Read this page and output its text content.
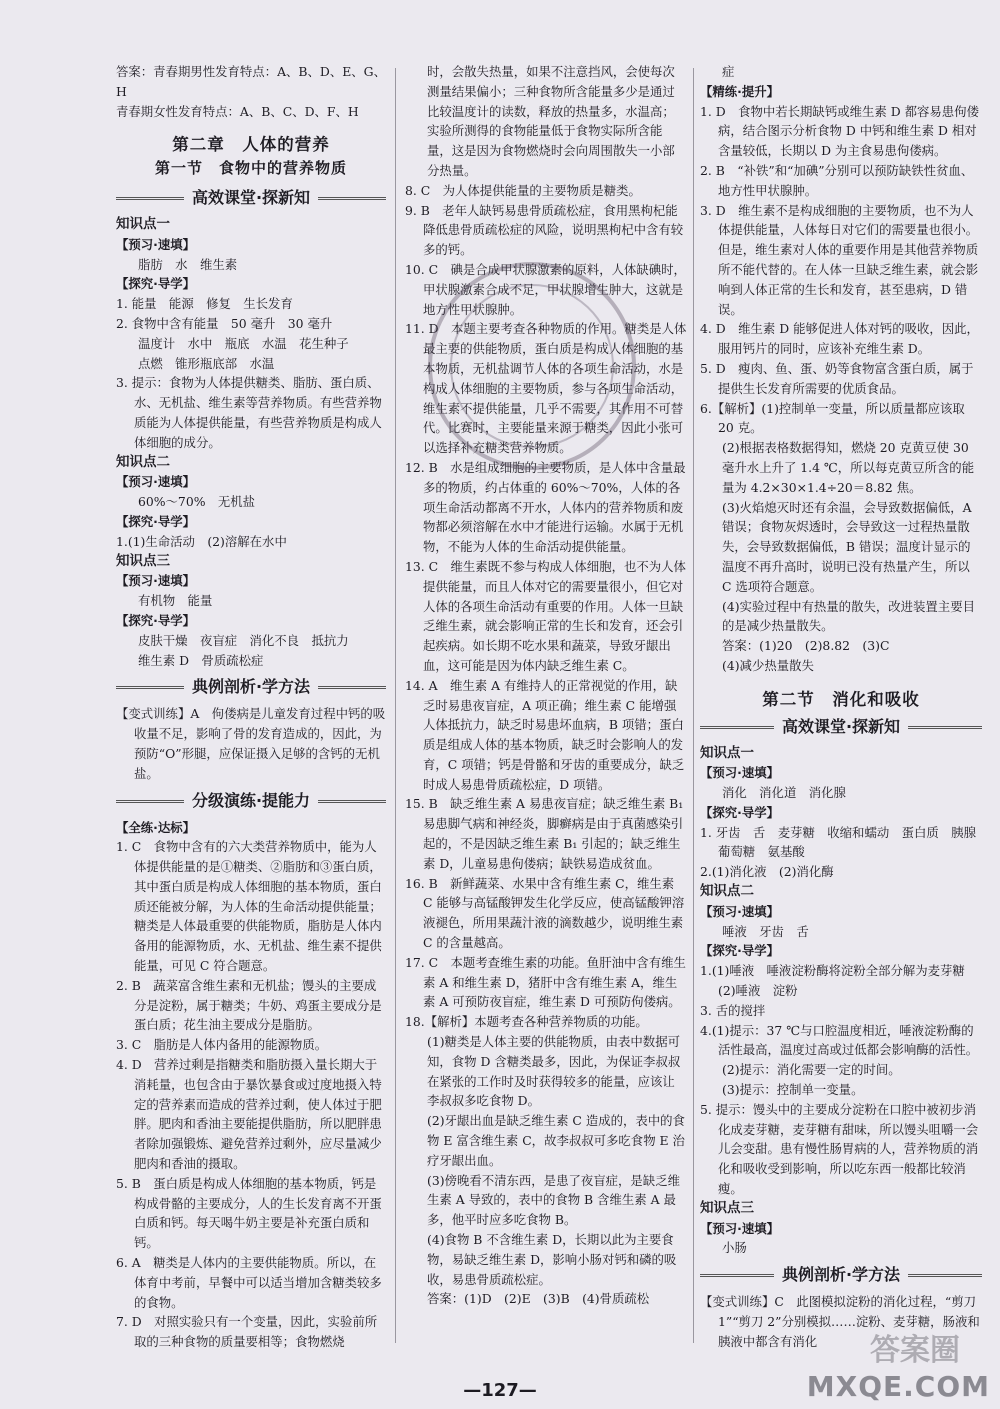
答案：青春期男性发育特点：A、B、D、E、G、H
青春期女性发育特点：A、B、C、D、F、H
第二章　人体的营养
第一节　食物中的营养物质
高效课堂·探新知
知识点一
【预习·速填】
脂肪　水　维生素
【探究·导学】
1. 能量　能源　修复　生长发育
2. 食物中含有能量　50 毫升　30 毫升
温度计　水中　瓶底　水温　花生种子
点燃　锥形瓶底部　水温
3. 提示：食物为人体提供糖类、脂肪、蛋白质、水、无机盐、维生素等营养物质。有些营养物质能为人体提供能量，有些营养物质是构成人体细胞的成分。
知识点二
【预习·速填】
60%～70%　无机盐
【探究·导学】
1.(1)生命活动　(2)溶解在水中
知识点三
【预习·速填】
有机物　能量
【探究·导学】
皮肤干燥　夜盲症　消化不良　抵抗力
维生素 D　骨质疏松症
典例剖析·学方法
【变式训练】A　佝偻病是儿童发育过程中钙的吸收量不足，影响了骨的发育造成的，因此，为预防“O”形腿，应保证摄入足够的含钙的无机盐。
分级演练·提能力
【全练·达标】
1. C　食物中含有的六大类营养物质中，能为人体提供能量的是①糖类、②脂肪和③蛋白质，其中蛋白质是构成人体细胞的基本物质，蛋白质还能被分解，为人体的生命活动提供能量；糖类是人体最重要的供能物质，脂肪是人体内备用的能源物质，水、无机盐、维生素不提供能量，可见 C 符合题意。
2. B　蔬菜富含维生素和无机盐；馒头的主要成分是淀粉，属于糖类；牛奶、鸡蛋主要成分是蛋白质；花生油主要成分是脂肪。
3. C　脂肪是人体内备用的能源物质。
4. D　营养过剩是指糖类和脂肪摄入量长期大于消耗量，也包含由于暴饮暴食或过度地摄入特定的营养素而造成的营养过剩，使人体过于肥胖。肥肉和香油主要能提供脂肪，所以肥胖患者除加强锻炼、避免营养过剩外，应尽量减少肥肉和香油的摄取。
5. B　蛋白质是构成人体细胞的基本物质，钙是构成骨骼的主要成分，人的生长发育离不开蛋白质和钙。每天喝牛奶主要是补充蛋白质和钙。
6. A　糖类是人体内的主要供能物质。所以，在体育中考前，早餐中可以适当增加含糖类较多的食物。
7. D　对照实验只有一个变量，因此，实验前所取的三种食物的质量要相等；食物燃烧
时，会散失热量，如果不注意挡风，会使每次测量结果偏小；三种食物所含能量多少是通过比较温度计的读数，释放的热量多，水温高；实验所测得的食物能量低于食物实际所含能量，这是因为食物燃烧时会向周围散失一小部分热量。
8. C　为人体提供能量的主要物质是糖类。
9. B　老年人缺钙易患骨质疏松症，食用黑枸杞能降低患骨质疏松症的风险，说明黑枸杞中含有较多的钙。
10. C　碘是合成甲状腺激素的原料，人体缺碘时，甲状腺激素合成不足，甲状腺增生肿大，这就是地方性甲状腺肿。
11. D　本题主要考查各种物质的作用。糖类是人体最主要的供能物质，蛋白质是构成人体细胞的基本物质，无机盐调节人体的各项生命活动，水是构成人体细胞的主要物质，参与各项生命活动，维生素不提供能量，几乎不需要，其作用不可替代。比赛时，主要能量来源于糖类，因此小张可以选择补充糖类营养物质。
12. B　水是组成细胞的主要物质，是人体中含量最多的物质，约占体重的 60%～70%，人体的各项生命活动都离不开水，人体内的营养物质和废物都必须溶解在水中才能进行运输。水属于无机物，不能为人体的生命活动提供能量。
13. C　维生素既不参与构成人体细胞，也不为人体提供能量，而且人体对它的需要量很小，但它对人体的各项生命活动有重要的作用。人体一旦缺乏维生素，就会影响正常的生长和发育，还会引起疾病。如长期不吃水果和蔬菜，导致牙龈出血，这可能是因为体内缺乏维生素 C。
14. A　维生素 A 有维持人的正常视觉的作用，缺乏时易患夜盲症，A 项正确；维生素 C 能增强人体抵抗力，缺乏时易患坏血病，B 项错；蛋白质是组成人体的基本物质，缺乏时会影响人的发育，C 项错；钙是骨骼和牙齿的重要成分，缺乏时成人易患骨质疏松症，D 项错。
15. B　缺乏维生素 A 易患夜盲症；缺乏维生素 B₁ 易患脚气病和神经炎，脚癣病是由于真菌感染引起的，不是因缺乏维生素 B₁ 引起的；缺乏维生素 D，儿童易患佝偻病；缺铁易造成贫血。
16. B　新鲜蔬菜、水果中含有维生素 C，维生素 C 能够与高锰酸钾发生化学反应，使高锰酸钾溶液褪色，所用果蔬汁液的滴数越少，说明维生素 C 的含量越高。
17. C　本题考查维生素的功能。鱼肝油中含有维生素 A 和维生素 D，猪肝中含有维生素 A，维生素 A 可预防夜盲症，维生素 D 可预防佝偻病。
18.【解析】本题考查各种营养物质的功能。
(1)糖类是人体主要的供能物质，由表中数据可知，食物 D 含糖类最多，因此，为保证李叔叔在紧张的工作时及时获得较多的能量，应该让李叔叔多吃食物 D。
(2)牙龈出血是缺乏维生素 C 造成的，表中的食物 E 富含维生素 C，故李叔叔可多吃食物 E 治疗牙龈出血。
(3)傍晚看不清东西，是患了夜盲症，是缺乏维生素 A 导致的，表中的食物 B 含维生素 A 最多，他平时应多吃食物 B。
(4)食物 B 不含维生素 D，长期以此为主要食物，易缺乏维生素 D，影响小肠对钙和磷的吸收，易患骨质疏松症。
答案：(1)D　(2)E　(3)B　(4)骨质疏松
症
【精练·提升】
1. D　食物中若长期缺钙或维生素 D 都容易患佝偻病，结合图示分析食物 D 中钙和维生素 D 相对含量较低，长期以 D 为主食易患佝偻病。
2. B　“补铁”和“加碘”分别可以预防缺铁性贫血、地方性甲状腺肿。
3. D　维生素不是构成细胞的主要物质，也不为人体提供能量，人体每日对它们的需要量也很小。但是，维生素对人体的重要作用是其他营养物质所不能代替的。在人体一旦缺乏维生素，就会影响到人体正常的生长和发育，甚至患病，D 错误。
4. D　维生素 D 能够促进人体对钙的吸收，因此，服用钙片的同时，应该补充维生素 D。
5. D　瘦肉、鱼、蛋、奶等食物富含蛋白质，属于提供生长发育所需要的优质食品。
6.【解析】(1)控制单一变量，所以质量都应该取 20 克。
(2)根据表格数据得知，燃烧 20 克黄豆使 30 毫升水上升了 1.4 ℃，所以每克黄豆所含的能量为 4.2×30×1.4÷20＝8.82 焦。
(3)火焰熄灭时还有余温，会导致数据偏低，A 错误；食物灰烬透时，会导致这一过程热量散失，会导致数据偏低，B 错误；温度计显示的温度不再升高时，说明已没有热量产生，所以 C 选项符合题意。
(4)实验过程中有热量的散失，改进装置主要目的是减少热量散失。
答案：(1)20　(2)8.82　(3)C
(4)减少热量散失
第二节　消化和吸收
高效课堂·探新知
知识点一
【预习·速填】
消化　消化道　消化腺
【探究·导学】
1. 牙齿　舌　麦芽糖　收缩和蠕动　蛋白质　胰腺　葡萄糖　氨基酸
2.(1)消化液　(2)消化酶
知识点二
【预习·速填】
唾液　牙齿　舌
【探究·导学】
1.(1)唾液　唾液淀粉酶将淀粉全部分解为麦芽糖　(2)唾液　淀粉
3. 舌的搅拌
4.(1)提示：37 ℃与口腔温度相近，唾液淀粉酶的活性最高，温度过高或过低都会影响酶的活性。
(2)提示：消化需要一定的时间。
(3)提示：控制单一变量。
5. 提示：馒头中的主要成分淀粉在口腔中被初步消化成麦芽糖，麦芽糖有甜味，所以馒头咀嚼一会儿会变甜。患有慢性肠胃病的人，营养物质的消化和吸收受到影响，所以吃东西一般都比较消瘦。
知识点三
【预习·速填】
小肠
典例剖析·学方法
【变式训练】C　此图模拟淀粉的消化过程，“剪刀 1”“剪刀 2”分别模拟……淀粉、麦芽糖，肠液和胰液中都含有消化
—127—
答案圈
MXQE.COM
